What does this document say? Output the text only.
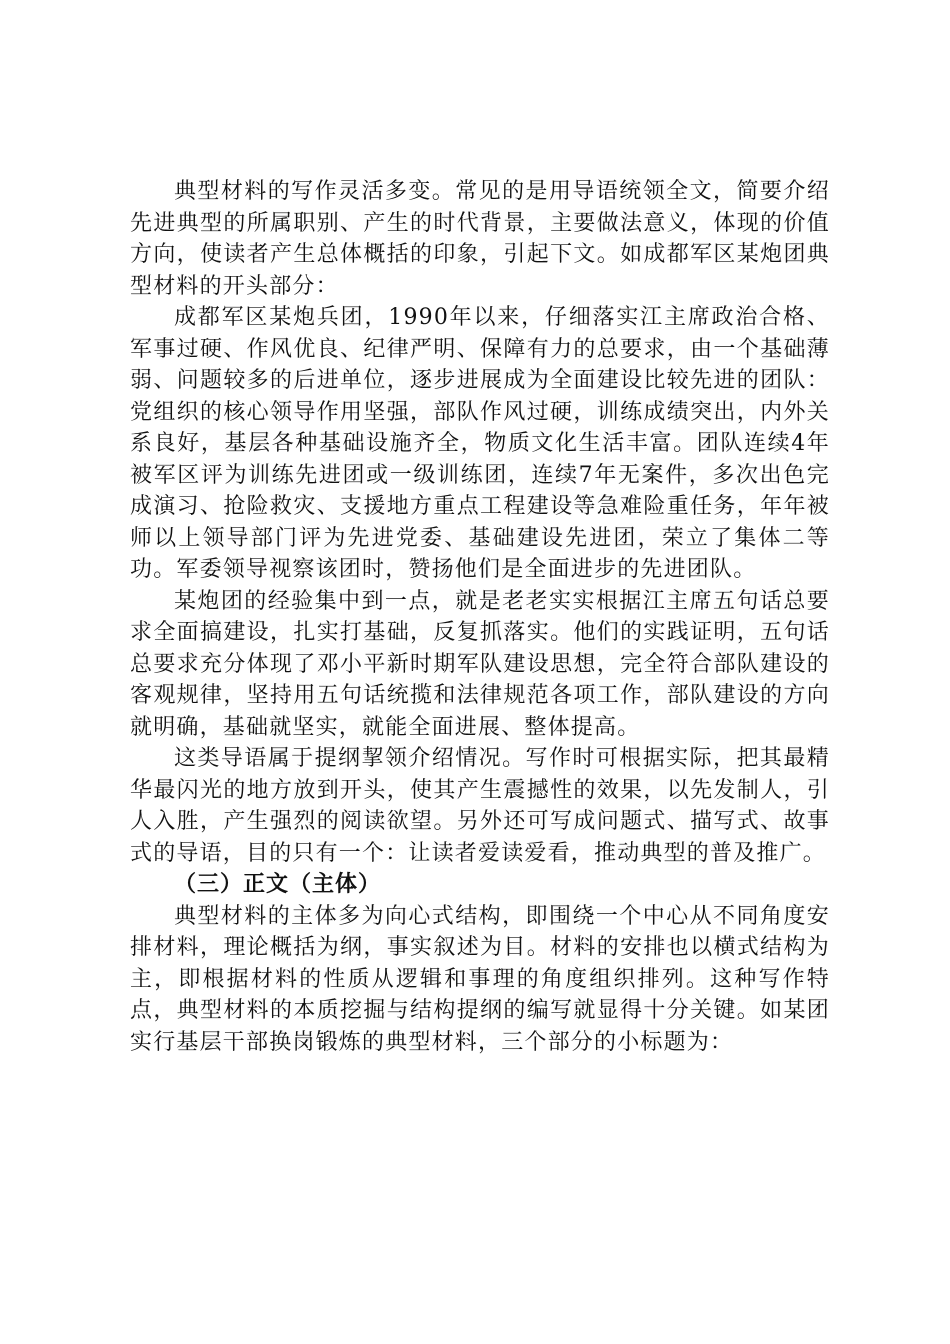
典型材料的写作灵活多变。常见的是用导语统领全文，简要介绍先进典型的所属职别、产生的时代背景，主要做法意义，体现的价值方向，使读者产生总体概括的印象，引起下文。如成都军区某炮团典型材料的开头部分：

成都军区某炮兵团，1990年以来，仔细落实江主席政治合格、军事过硬、作风优良、纪律严明、保障有力的总要求，由一个基础薄弱、问题较多的后进单位，逐步进展成为全面建设比较先进的团队：党组织的核心领导作用坚强，部队作风过硬，训练成绩突出，内外关系良好，基层各种基础设施齐全，物质文化生活丰富。团队连续4年被军区评为训练先进团或一级训练团，连续7年无案件，多次出色完成演习、抢险救灾、支援地方重点工程建设等急难险重任务，年年被师以上领导部门评为先进党委、基础建设先进团，荣立了集体二等功。军委领导视察该团时，赞扬他们是全面进步的先进团队。

某炮团的经验集中到一点，就是老老实实根据江主席五句话总要求全面搞建设，扎实打基础，反复抓落实。他们的实践证明，五句话总要求充分体现了邓小平新时期军队建设思想，完全符合部队建设的客观规律，坚持用五句话统揽和法律规范各项工作，部队建设的方向就明确，基础就坚实，就能全面进展、整体提高。

这类导语属于提纲挈领介绍情况。写作时可根据实际，把其最精华最闪光的地方放到开头，使其产生震撼性的效果，以先发制人，引人入胜，产生强烈的阅读欲望。另外还可写成问题式、描写式、故事式的导语，目的只有一个：让读者爱读爱看，推动典型的普及推广。

（三）正文（主体）

典型材料的主体多为向心式结构，即围绕一个中心从不同角度安排材料，理论概括为纲，事实叙述为目。材料的安排也以横式结构为主，即根据材料的性质从逻辑和事理的角度组织排列。这种写作特点，典型材料的本质挖掘与结构提纲的编写就显得十分关键。如某团实行基层干部换岗锻炼的典型材料，三个部分的小标题为：
